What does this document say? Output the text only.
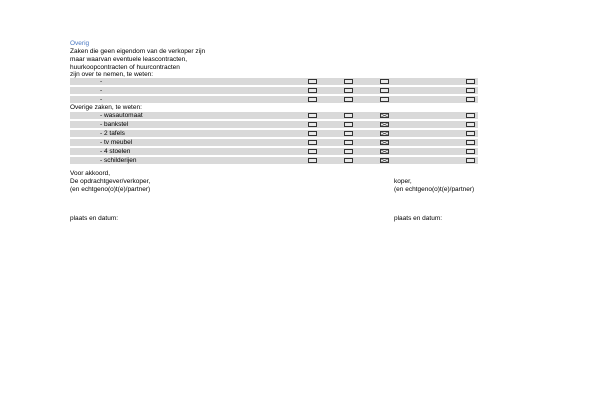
Overig
Zaken die geen eigendom van de verkoper zijn
maar waarvan eventuele leascontracten,
huurkoopcontracten of huurcontracten
zijn over te nemen, te weten:
-
-
-
Overige zaken, te weten:
- wasautomaat
- bankstel
- 2 tafels
- tv meubel
- 4 stoelen
- schilderijen
Voor akkoord,
De opdrachtgever/verkoper,
(en echtgeno(o)t(e)/partner)
koper,
(en echtgeno(o)t(e)/partner)
plaats en datum:	plaats en datum:
